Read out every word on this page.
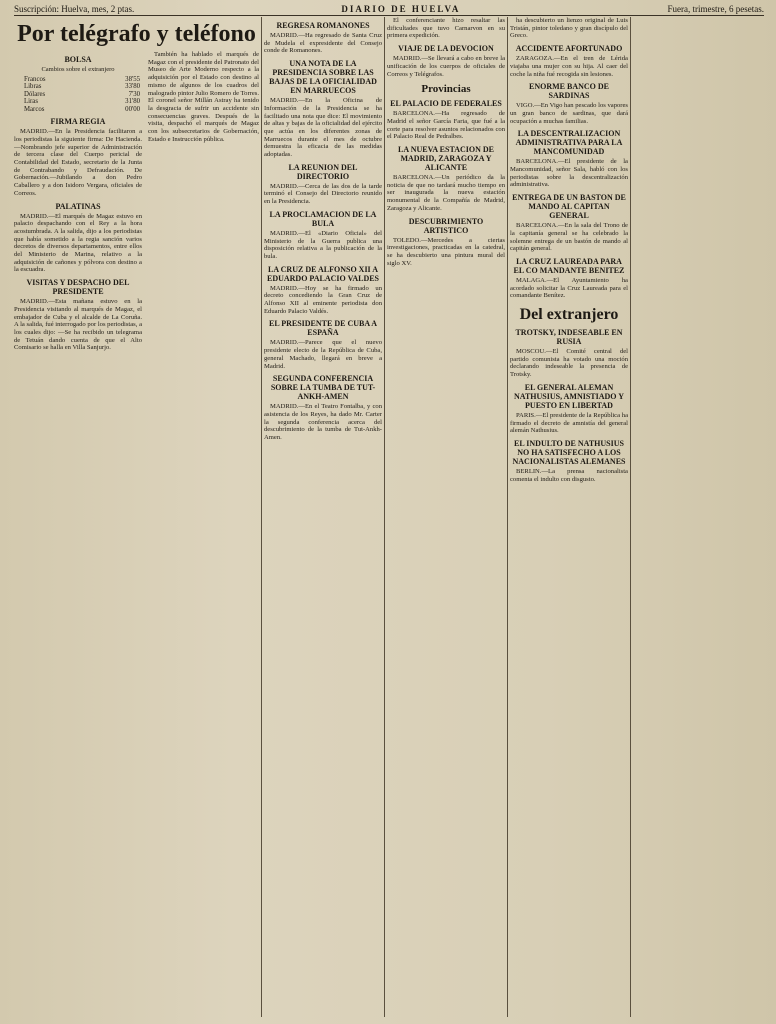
Suscripción: Huelva, mes, 2 ptas.	DIARIO DE HUELVA	Fuera, trimestre, 6 pesetas.
Por telégrafo y teléfono
BOLSA
Cambios sobre el extranjero
Francos	38'55
Libras	33'80
Dólares	7'30
Liras	31'80
Marcos	00'00
FIRMA REGIA

MADRID.—En la Presidencia facilitaron a los periodistas la siguiente firma: De Hacienda.—Nombrando jefe superior de Administración de tercera clase del Cuerpo pericial de Contabilidad del Estado, secretario de la Junta de Contrabando y Defraudación. De Gobernación.—Jubilando a don Pedro Caballero y a don Isidoro Vergara, oficiales de Correos.

PALATINAS

MADRID.—El marqués de Magaz estuvo en palacio despachando con el Rey a la hora acostumbrada. A la salida, dijo a los periodistas que había sometido a la regia sanción varios decretos de diversos departamentos, entre ellos del Ministerio de Marina, relativo a la adquisición de cañones y pólvora con destino a la escuadra.

VISITAS Y DESPACHO DEL PRESIDENTE

MADRID.—Esta mañana estuvo en la Presidencia visitando al marqués de Magaz, el embajador de Cuba y el alcalde de La Coruña. A la salida, fué interrogado por los periodistas, a los cuales dijo: —Se ha recibido un telegrama de Tetuán dando cuenta de que el Alto Comisario se halla en Villa Sanjurjo.

También ha hablado el marqués de Magaz con el presidente del Patronato del Museo de Arte Moderno respecto a la adquisición por el Estado con destino al mismo de algunos de los cuadros del malogrado pintor Julio Romero de Torres. El coronel señor Millán Astray ha tenido la desgracia de sufrir un accidente sin consecuencias graves. Después de la visita, despachó el marqués de Magaz con los subsecretarios de Gobernación, Estado e Instrucción pública.

REGRESA ROMANONES

MADRID.—Ha regresado de Santa Cruz de Mudela el expresidente del Consejo conde de Romanones.

UNA NOTA DE LA PRESIDENCIA SOBRE LAS BAJAS DE LA OFICIALIDAD EN MARRUECOS

MADRID.—En la Oficina de Información de la Presidencia se ha facilitado una nota que dice: El movimiento de altas y bajas de la oficialidad del ejército que actúa en los diferentes zonas de Marruecos durante el mes de octubre demuestra la eficacia de las medidas adoptadas.

LA REUNION DEL DIRECTORIO

MADRID.—Cerca de las dos de la tarde terminó el Consejo del Directorio reunido en la Presidencia.

LA PROCLAMACION DE LA BULA

MADRID.—El «Diario Oficial» del Ministerio de la Guerra publica una disposición relativa a la publicación de la bula.

LA CRUZ DE ALFONSO XII A EDUARDO PALACIO VALDES

MADRID.—Hoy se ha firmado un decreto concediendo la Gran Cruz de Alfonso XII al eminente periodista don Eduardo Palacio Valdés.

EL PRESIDENTE DE CUBA A ESPAÑA

MADRID.—Parece que el nuevo presidente electo de la República de Cuba, general Machado, llegará en breve a Madrid.

SEGUNDA CONFERENCIA SOBRE LA TUMBA DE TUT-ANKH-AMEN

MADRID.—En el Teatro Fontalba, y con asistencia de los Reyes, ha dado Mr. Carter la segunda conferencia acerca del descubrimiento de la tumba de Tut-Ankh-Amen.

El conferenciante hizo resaltar las dificultades que tuvo Carnarvon en su primera expedición.

VIAJE DE LA DEVOCION

MADRID.—Se llevará a cabo en breve la unificación de los cuerpos de oficiales de Correos y Telégrafos.

Provincias
EL PALACIO DE FEDERALES

BARCELONA.—Ha regresado de Madrid el señor García Faria, que fué a la corte para resolver asuntos relacionados con el Palacio Real de Pedralbes.

LA NUEVA ESTACION DE MADRID, ZARAGOZA Y ALICANTE

BARCELONA.—Un periódico da la noticia de que no tardará mucho tiempo en ser inaugurada la nueva estación monumental de la Compañía de Madrid, Zaragoza y Alicante.

DESCUBRIMIENTO ARTISTICO

TOLEDO.—Mercedes a ciertas investigaciones, practicadas en la catedral, se ha descubierto una pintura mural del siglo XV.

ha descubierto un lienzo original de Luis Tristán, pintor toledano y gran discípulo del Greco.

ACCIDENTE AFORTUNADO

ZARAGOZA.—En el tren de Lérida viajaba una mujer con su hija. Al caer del coche la niña fué recogida sin lesiones.

ENORME BANCO DE SARDINAS

VIGO.—En Vigo han pescado los vapores un gran banco de sardinas, que dará ocupación a muchas familias.

LA DESCENTRALIZACION ADMINISTRATIVA PARA LA MANCOMUNIDAD

BARCELONA.—El presidente de la Mancomunidad, señor Sala, habló con los periodistas sobre la descentralización administrativa.

ENTREGA DE UN BASTON DE MANDO AL CAPITAN GENERAL

BARCELONA.—En la sala del Trono de la capitanía general se ha celebrado la solemne entrega de un bastón de mando al capitán general.

LA CRUZ LAUREADA PARA EL CO MANDANTE BENITEZ

MALAGA.—El Ayuntamiento ha acordado solicitar la Cruz Laureada para el comandante Benítez.

Del extranjero
TROTSKY, INDESEABLE EN RUSIA

MOSCOU.—El Comité central del partido comunista ha votado una moción declarando indeseable la presencia de Trotsky.

EL GENERAL ALEMAN NATHUSIUS, AMNISTIADO Y PUESTO EN LIBERTAD

PARIS.—El presidente de la República ha firmado el decreto de amnistía del general alemán Nathusius.

EL INDULTO DE NATHUSIUS NO HA SATISFECHO A LOS NACIONALISTAS ALEMANES

BERLIN.—La prensa nacionalista comenta el indulto con disgusto.
